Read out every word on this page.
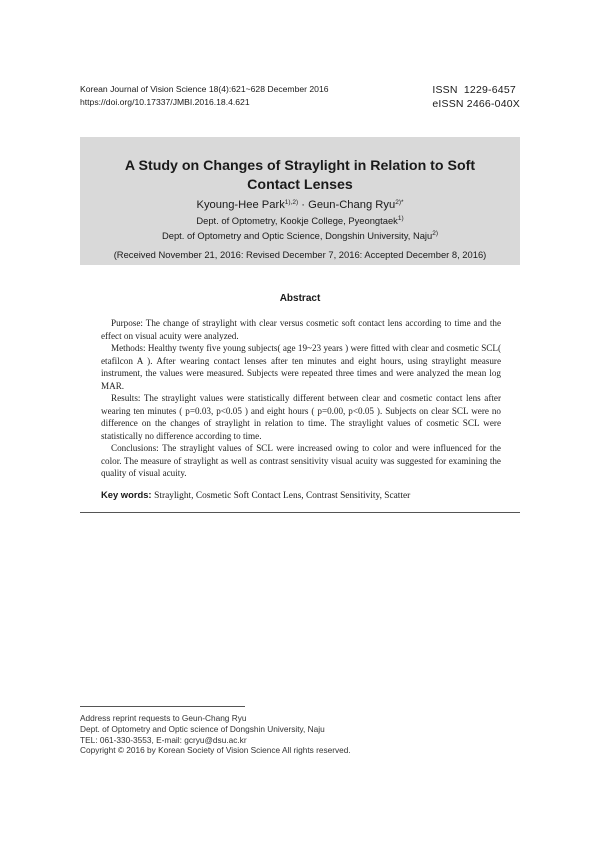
Korean Journal of Vision Science 18(4):621~628 December 2016
https://doi.org/10.17337/JMBI.2016.18.4.621
ISSN  1229-6457
eISSN 2466-040X
A Study on Changes of Straylight in Relation to Soft Contact Lenses
Kyoung-Hee Park$^{1),2)}$ · Geun-Chang Ryu$^{2)*}$
Dept. of Optometry, Kookje College, Pyeongtaek$^{1)}$
Dept. of Optometry and Optic Science, Dongshin University, Naju$^{2)}$
(Received November 21, 2016: Revised December 7, 2016: Accepted December 8, 2016)
Abstract

Purpose: The change of straylight with clear versus cosmetic soft contact lens according to time and the effect on visual acuity were analyzed.

Methods: Healthy twenty five young subjects( age 19~23 years ) were fitted with clear and cosmetic SCL( etafilcon A ). After wearing contact lenses after ten minutes and eight hours, using straylight measure instrument, the values were measured. Subjects were repeated three times and were analyzed the mean log MAR.

Results: The straylight values were statistically different between clear and cosmetic contact lens after wearing ten minutes ( p=0.03, p<0.05 ) and eight hours ( p=0.00, p<0.05 ). Subjects on clear SCL were no difference on the changes of straylight in relation to time. The straylight values of cosmetic SCL were statistically no difference according to time.

Conclusions: The straylight values of SCL were increased owing to color and were influenced for the color. The measure of straylight as well as contrast sensitivity visual acuity was suggested for examining the quality of visual acuity.

Key words: Straylight, Cosmetic Soft Contact Lens, Contrast Sensitivity, Scatter
Address reprint requests to Geun-Chang Ryu
Dept. of Optometry and Optic science of Dongshin University, Naju
TEL: 061-330-3553, E-mail: gcryu@dsu.ac.kr
Copyright © 2016 by Korean Society of Vision Science All rights reserved.
